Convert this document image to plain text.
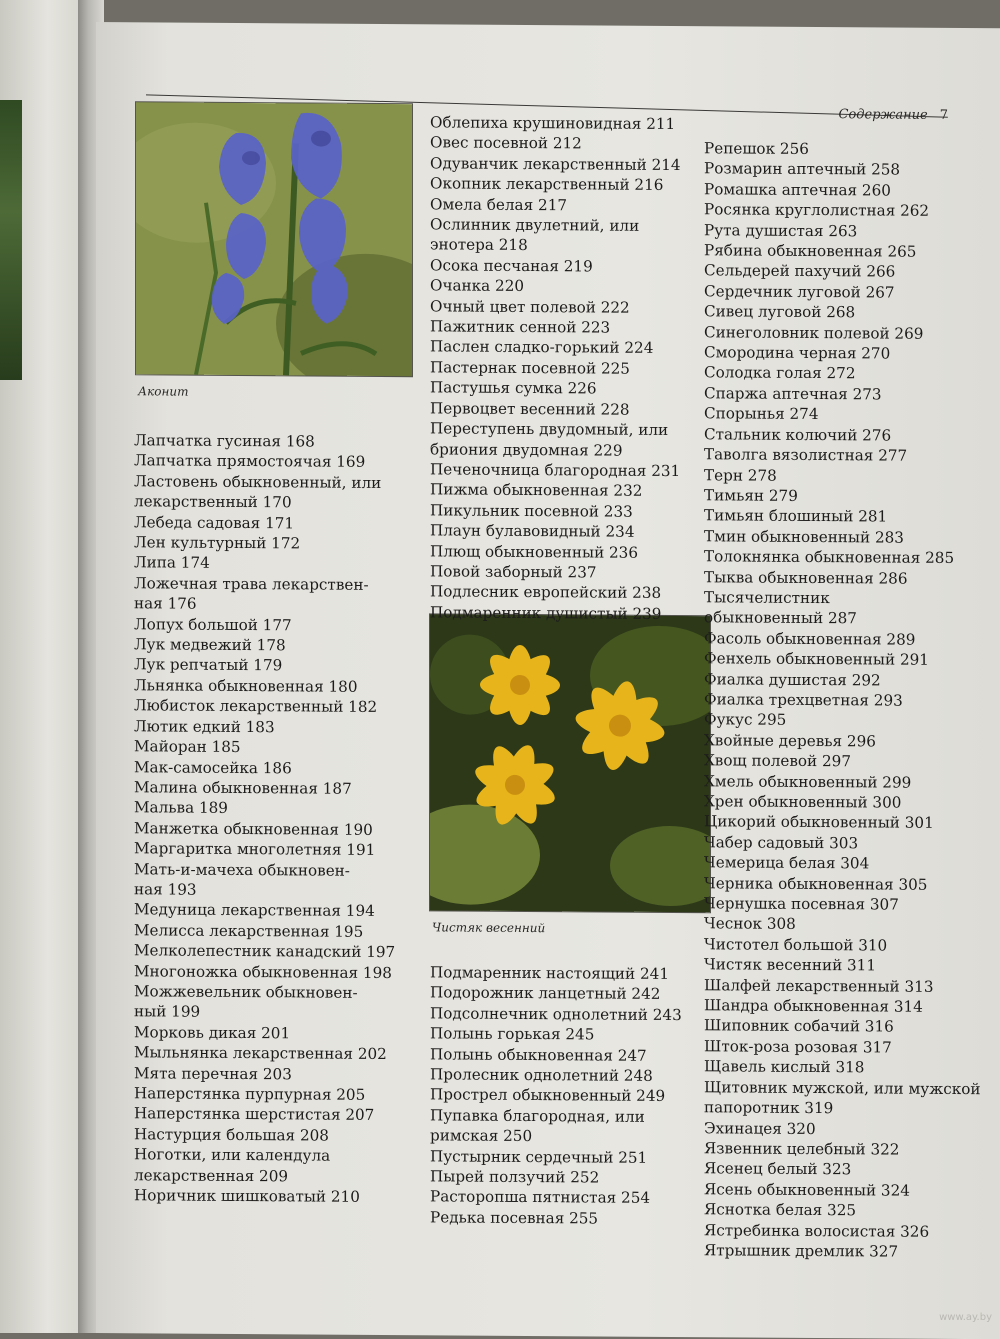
Содержание 7
Аконит
Чистяк весенний
Лапчатка гусиная 168
Лапчатка прямостоячая 169
Ластовень обыкновенный, или
лекарственный 170
Лебеда садовая 171
Лен культурный 172
Липа 174
Ложечная трава лекарствен-
ная 176
Лопух большой 177
Лук медвежий 178
Лук репчатый 179
Льнянка обыкновенная 180
Любисток лекарственный 182
Лютик едкий 183
Майоран 185
Мак-самосейка 186
Малина обыкновенная 187
Мальва 189
Манжетка обыкновенная 190
Маргаритка многолетняя 191
Мать-и-мачеха обыкновен-
ная 193
Медуница лекарственная 194
Мелисса лекарственная 195
Мелколепестник канадский 197
Многоножка обыкновенная 198
Можжевельник обыкновен-
ный 199
Морковь дикая 201
Мыльнянка лекарственная 202
Мята перечная 203
Наперстянка пурпурная 205
Наперстянка шерстистая 207
Настурция большая 208
Ноготки, или календула
лекарственная 209
Норичник шишковатый 210
Облепиха крушиновидная 211
Овес посевной 212
Одуванчик лекарственный 214
Окопник лекарственный 216
Омела белая 217
Ослинник двулетний, или
энотера 218
Осока песчаная 219
Очанка 220
Очный цвет полевой 222
Пажитник сенной 223
Паслен сладко-горький 224
Пастернак посевной 225
Пастушья сумка 226
Первоцвет весенний 228
Переступень двудомный, или
бриония двудомная 229
Печеночница благородная 231
Пижма обыкновенная 232
Пикульник посевной 233
Плаун булавовидный 234
Плющ обыкновенный 236
Повой заборный 237
Подлесник европейский 238
Подмаренник душистый 239
Подмаренник настоящий 241
Подорожник ланцетный 242
Подсолнечник однолетний 243
Полынь горькая 245
Полынь обыкновенная 247
Пролесник однолетний 248
Прострел обыкновенный 249
Пупавка благородная, или
римская 250
Пустырник сердечный 251
Пырей ползучий 252
Расторопша пятнистая 254
Редька посевная 255
Репешок 256
Розмарин аптечный 258
Ромашка аптечная 260
Росянка круглолистная 262
Рута душистая 263
Рябина обыкновенная 265
Сельдерей пахучий 266
Сердечник луговой 267
Сивец луговой 268
Синеголовник полевой 269
Смородина черная 270
Солодка голая 272
Спаржа аптечная 273
Спорынья 274
Стальник колючий 276
Таволга вязолистная 277
Терн 278
Тимьян 279
Тимьян блошиный 281
Тмин обыкновенный 283
Толокнянка обыкновенная 285
Тыква обыкновенная 286
Тысячелистник
обыкновенный 287
Фасоль обыкновенная 289
Фенхель обыкновенный 291
Фиалка душистая 292
Фиалка трехцветная 293
Фукус 295
Хвойные деревья 296
Хвощ полевой 297
Хмель обыкновенный 299
Хрен обыкновенный 300
Цикорий обыкновенный 301
Чабер садовый 303
Чемерица белая 304
Черника обыкновенная 305
Чернушка посевная 307
Чеснок 308
Чистотел большой 310
Чистяк весенний 311
Шалфей лекарственный 313
Шандра обыкновенная 314
Шиповник собачий 316
Шток-роза розовая 317
Щавель кислый 318
Щитовник мужской, или мужской
папоротник 319
Эхинацея 320
Язвенник целебный 322
Ясенец белый 323
Ясень обыкновенный 324
Яснотка белая 325
Ястребинка волосистая 326
Ятрышник дремлик 327
www.ay.by
